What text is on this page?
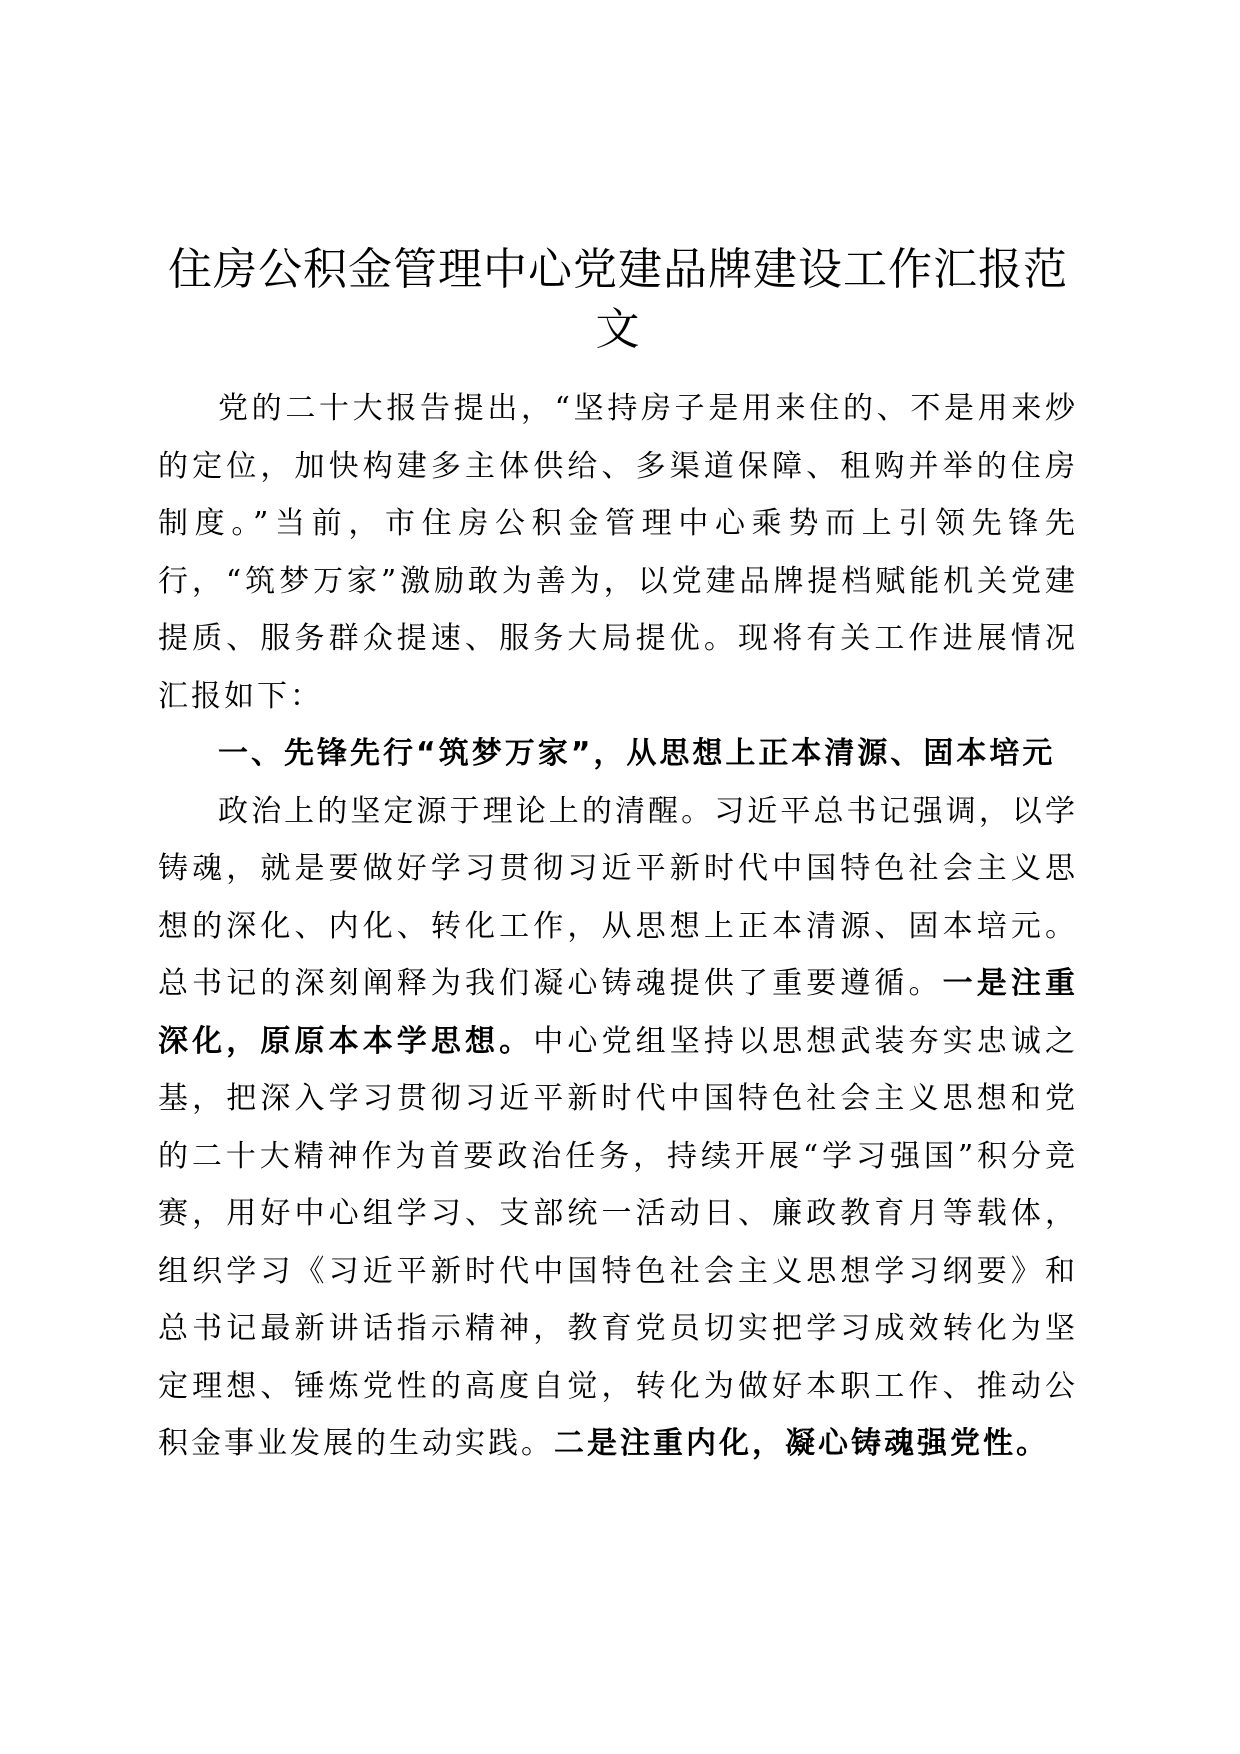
住房公积金管理中心党建品牌建设工作汇报范文

党的二十大报告提出，“坚持房子是用来住的、不是用来炒的定位，加快构建多主体供给、多渠道保障、租购并举的住房制度。”当前，市住房公积金管理中心乘势而上引领先锋先行，“筑梦万家”激励敢为善为，以党建品牌提档赋能机关党建提质、服务群众提速、服务大局提优。现将有关工作进展情况汇报如下：

一、先锋先行“筑梦万家”，从思想上正本清源、固本培元

政治上的坚定源于理论上的清醒。习近平总书记强调，以学铸魂，就是要做好学习贯彻习近平新时代中国特色社会主义思想的深化、内化、转化工作，从思想上正本清源、固本培元。总书记的深刻阐释为我们凝心铸魂提供了重要遵循。一是注重深化，原原本本学思想。中心党组坚持以思想武装夯实忠诚之基，把深入学习贯彻习近平新时代中国特色社会主义思想和党的二十大精神作为首要政治任务，持续开展“学习强国”积分竞赛，用好中心组学习、支部统一活动日、廉政教育月等载体，组织学习《习近平新时代中国特色社会主义思想学习纲要》和总书记最新讲话指示精神，教育党员切实把学习成效转化为坚定理想、锤炼党性的高度自觉，转化为做好本职工作、推动公积金事业发展的生动实践。二是注重内化，凝心铸魂强党性。
